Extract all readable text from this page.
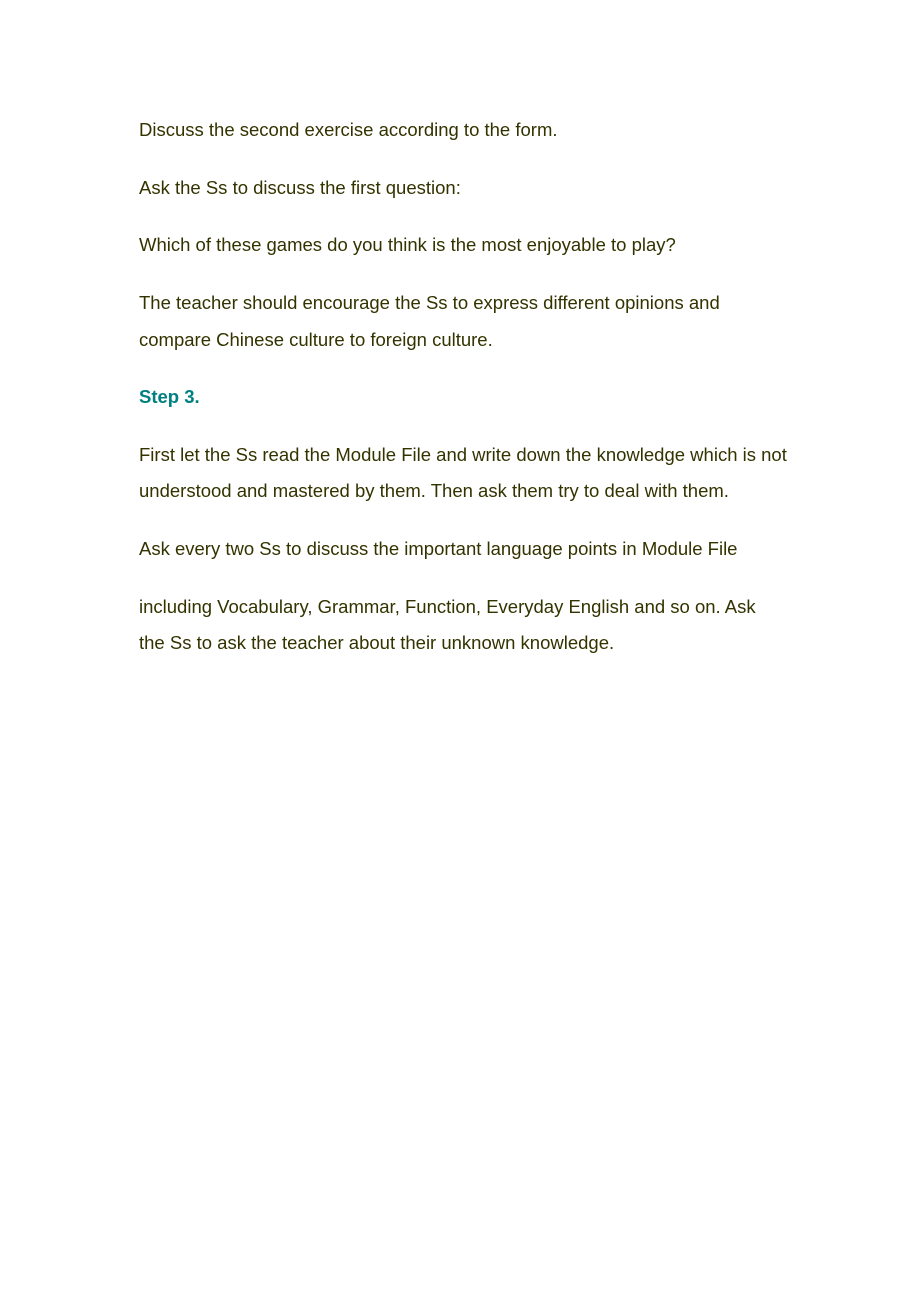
Discuss the second exercise according to the form.
Ask the Ss to discuss the first question:
Which of these games do you think is the most enjoyable to play?
The teacher should encourage the Ss to express different opinions and
compare Chinese culture to foreign culture.
Step 3.
First let the Ss read the Module File and write down the knowledge which is not
understood and mastered by them. Then ask them try to deal with them.
Ask every two Ss to discuss the important language points in Module File
including Vocabulary, Grammar, Function, Everyday English and so on. Ask
the Ss to ask the teacher about their unknown knowledge.
